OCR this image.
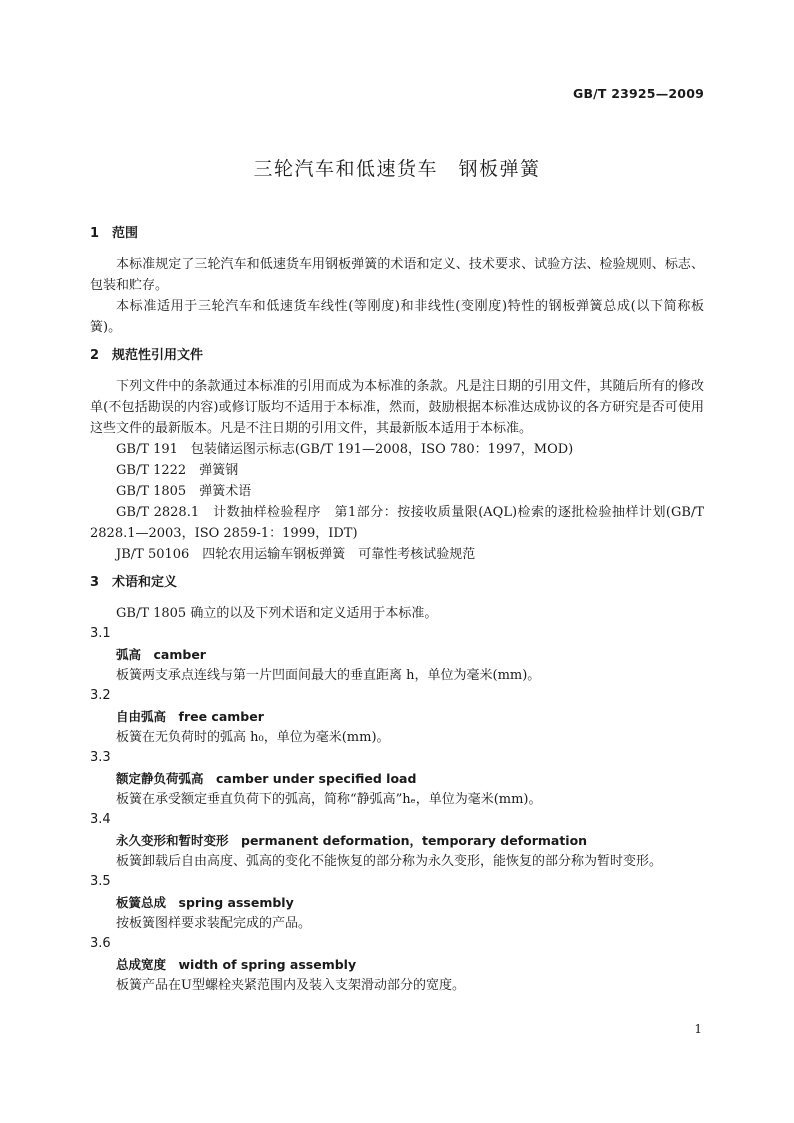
GB/T 23925—2009
三轮汽车和低速货车　钢板弹簧
1 范围

本标准规定了三轮汽车和低速货车用钢板弹簧的术语和定义、技术要求、试验方法、检验规则、标志、包装和贮存。

本标准适用于三轮汽车和低速货车线性(等刚度)和非线性(变刚度)特性的钢板弹簧总成(以下简称板簧)。

2 规范性引用文件

下列文件中的条款通过本标准的引用而成为本标准的条款。凡是注日期的引用文件，其随后所有的修改单(不包括勘误的内容)或修订版均不适用于本标准，然而，鼓励根据本标准达成协议的各方研究是否可使用这些文件的最新版本。凡是不注日期的引用文件，其最新版本适用于本标准。

GB/T 191　包装储运图示标志(GB/T 191—2008，ISO 780：1997，MOD)

GB/T 1222　弹簧钢

GB/T 1805　弹簧术语

GB/T 2828.1　计数抽样检验程序　第1部分：按接收质量限(AQL)检索的逐批检验抽样计划(GB/T 2828.1—2003，ISO 2859-1：1999，IDT)

JB/T 50106　四轮农用运输车钢板弹簧　可靠性考核试验规范

3 术语和定义

GB/T 1805 确立的以及下列术语和定义适用于本标准。

3.1
弧高　camber
板簧两支承点连线与第一片凹面间最大的垂直距离 h，单位为毫米(mm)。
3.2
自由弧高　free camber
板簧在无负荷时的弧高 h₀，单位为毫米(mm)。
3.3
额定静负荷弧高　camber under specified load
板簧在承受额定垂直负荷下的弧高，简称“静弧高”hₑ，单位为毫米(mm)。
3.4
永久变形和暂时变形　permanent deformation，temporary deformation
板簧卸载后自由高度、弧高的变化不能恢复的部分称为永久变形，能恢复的部分称为暂时变形。
3.5
板簧总成　spring assembly
按板簧图样要求装配完成的产品。
3.6
总成宽度　width of spring assembly
板簧产品在U型螺栓夹紧范围内及装入支架滑动部分的宽度。
1
